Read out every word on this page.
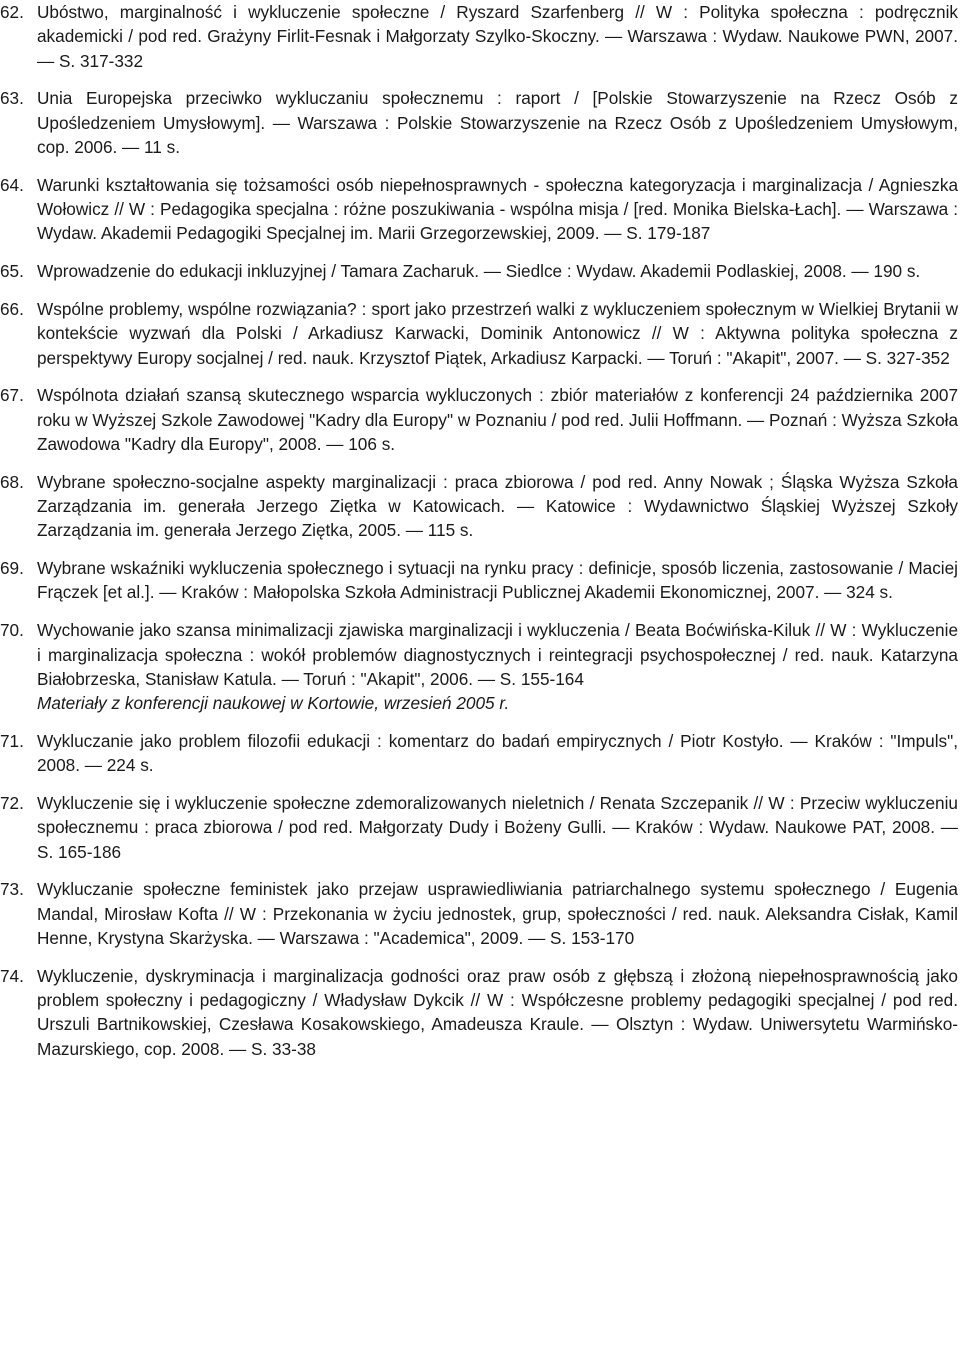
62. Ubóstwo, marginalność i wykluczenie społeczne / Ryszard Szarfenberg // W : Polityka społeczna : podręcznik akademicki / pod red. Grażyny Firlit-Fesnak i Małgorzaty Szylko-Skoczny. — Warszawa : Wydaw. Naukowe PWN, 2007. — S. 317-332
63. Unia Europejska przeciwko wykluczaniu społecznemu : raport / [Polskie Stowarzyszenie na Rzecz Osób z Upośledzeniem Umysłowym]. — Warszawa : Polskie Stowarzyszenie na Rzecz Osób z Upośledzeniem Umysłowym, cop. 2006. — 11 s.
64. Warunki kształtowania się tożsamości osób niepełnosprawnych - społeczna kategoryzacja i marginalizacja / Agnieszka Wołowicz // W : Pedagogika specjalna : różne poszukiwania - wspólna misja / [red. Monika Bielska-Łach]. — Warszawa : Wydaw. Akademii Pedagogiki Specjalnej im. Marii Grzegorzewskiej, 2009. — S. 179-187
65. Wprowadzenie do edukacji inkluzyjnej / Tamara Zacharuk. — Siedlce : Wydaw. Akademii Podlaskiej, 2008. — 190 s.
66. Wspólne problemy, wspólne rozwiązania? : sport jako przestrzeń walki z wykluczeniem społecznym w Wielkiej Brytanii w kontekście wyzwań dla Polski / Arkadiusz Karwacki, Dominik Antonowicz // W : Aktywna polityka społeczna z perspektywy Europy socjalnej / red. nauk. Krzysztof Piątek, Arkadiusz Karpacki. — Toruń : "Akapit", 2007. — S. 327-352
67. Wspólnota działań szansą skutecznego wsparcia wykluczonych : zbiór materiałów z konferencji 24 października 2007 roku w Wyższej Szkole Zawodowej "Kadry dla Europy" w Poznaniu / pod red. Julii Hoffmann. — Poznań : Wyższa Szkoła Zawodowa "Kadry dla Europy", 2008. — 106 s.
68. Wybrane społeczno-socjalne aspekty marginalizacji : praca zbiorowa / pod red. Anny Nowak ; Śląska Wyższa Szkoła Zarządzania im. generała Jerzego Ziętka w Katowicach. — Katowice : Wydawnictwo Śląskiej Wyższej Szkoły Zarządzania im. generała Jerzego Ziętka, 2005. — 115 s.
69. Wybrane wskaźniki wykluczenia społecznego i sytuacji na rynku pracy : definicje, sposób liczenia, zastosowanie / Maciej Frączek [et al.]. — Kraków : Małopolska Szkoła Administracji Publicznej Akademii Ekonomicznej, 2007. — 324 s.
70. Wychowanie jako szansa minimalizacji zjawiska marginalizacji i wykluczenia / Beata Boćwińska-Kiluk // W : Wykluczenie i marginalizacja społeczna : wokół problemów diagnostycznych i reintegracji psychospołecznej / red. nauk. Katarzyna Białobrzeska, Stanisław Katula. — Toruń : "Akapit", 2006. — S. 155-164
Materiały z konferencji naukowej w Kortowie, wrzesień 2005 r.
71. Wykluczanie jako problem filozofii edukacji : komentarz do badań empirycznych / Piotr Kostyło. — Kraków : "Impuls", 2008. — 224 s.
72. Wykluczenie się i wykluczenie społeczne zdemoralizowanych nieletnich / Renata Szczepanik // W : Przeciw wykluczeniu społecznemu : praca zbiorowa / pod red. Małgorzaty Dudy i Bożeny Gulli. — Kraków : Wydaw. Naukowe PAT, 2008. — S. 165-186
73. Wykluczanie społeczne feministek jako przejaw usprawiedliwiania patriarchalnego systemu społecznego / Eugenia Mandal, Mirosław Kofta // W : Przekonania w życiu jednostek, grup, społeczności / red. nauk. Aleksandra Cisłak, Kamil Henne, Krystyna Skarżyska. — Warszawa : "Academica", 2009. — S. 153-170
74. Wykluczenie, dyskryminacja i marginalizacja godności oraz praw osób z głębszą i złożoną niepełnosprawnością jako problem społeczny i pedagogiczny / Władysław Dykcik // W : Współczesne problemy pedagogiki specjalnej / pod red. Urszuli Bartnikowskiej, Czesława Kosakowskiego, Amadeusza Kraule. — Olsztyn : Wydaw. Uniwersytetu Warmińsko-Mazurskiego, cop. 2008. — S. 33-38
